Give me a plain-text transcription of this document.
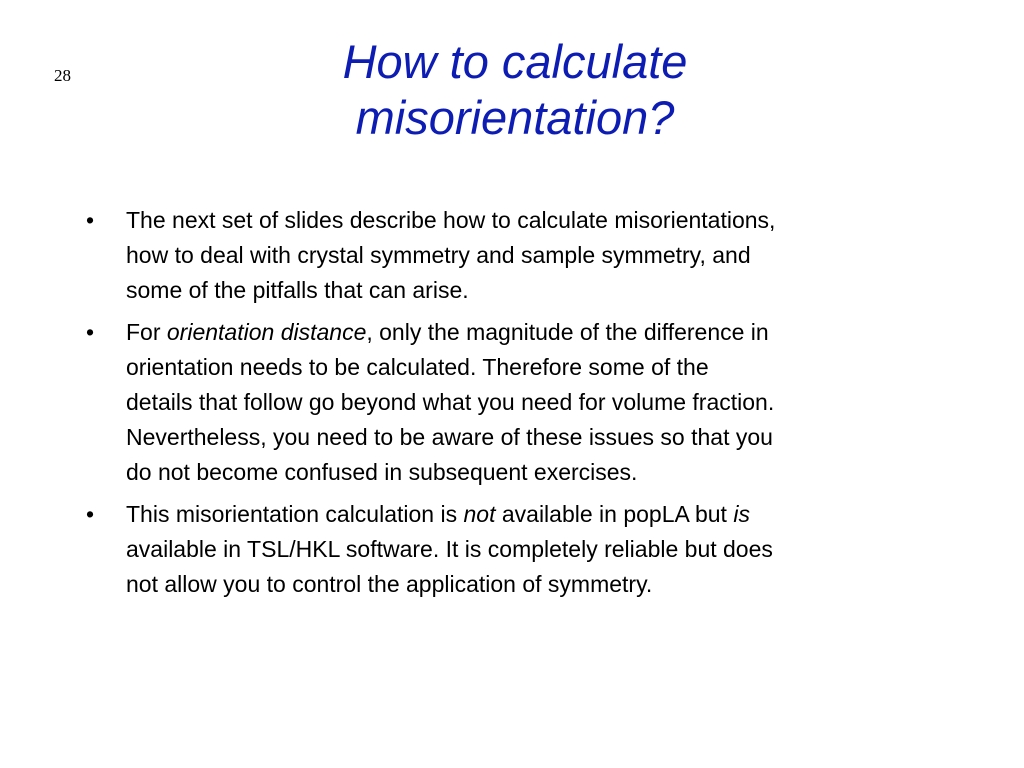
28	How to calculate
misorientation?
• The next set of slides describe how to calculate misorientations,
how to deal with crystal symmetry and sample symmetry, and
some of the pitfalls that can arise.
• For orientation distance, only the magnitude of the difference in
orientation needs to be calculated. Therefore some of the
details that follow go beyond what you need for volume fraction.
Nevertheless, you need to be aware of these issues so that you
do not become confused in subsequent exercises.
• This misorientation calculation is not available in popLA but is
available in TSL/HKL software. It is completely reliable but does
not allow you to control the application of symmetry.
